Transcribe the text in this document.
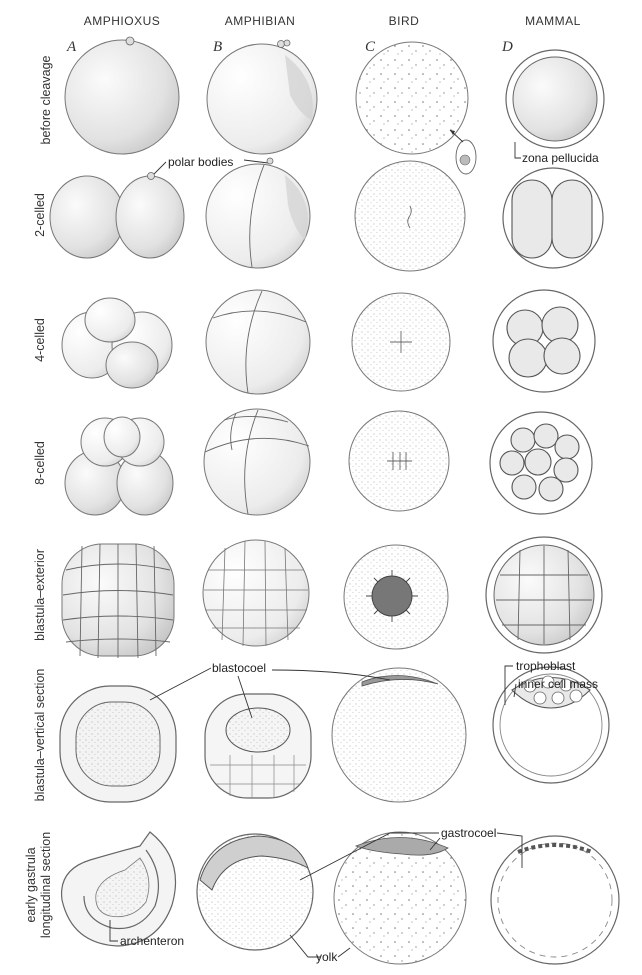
AMPHIOXUS	AMPHIBIAN	BIRD	MAMMAL
A	B	C	D
before cleavage
2-celled
4-celled
8-celled
blastula–exterior
blastula–vertical section
early gastrula longitudinal section
polar bodies	zona pellucida
blastocoel	trophoblast
inner cell mass
gastrocoel
archenteron
yolk
